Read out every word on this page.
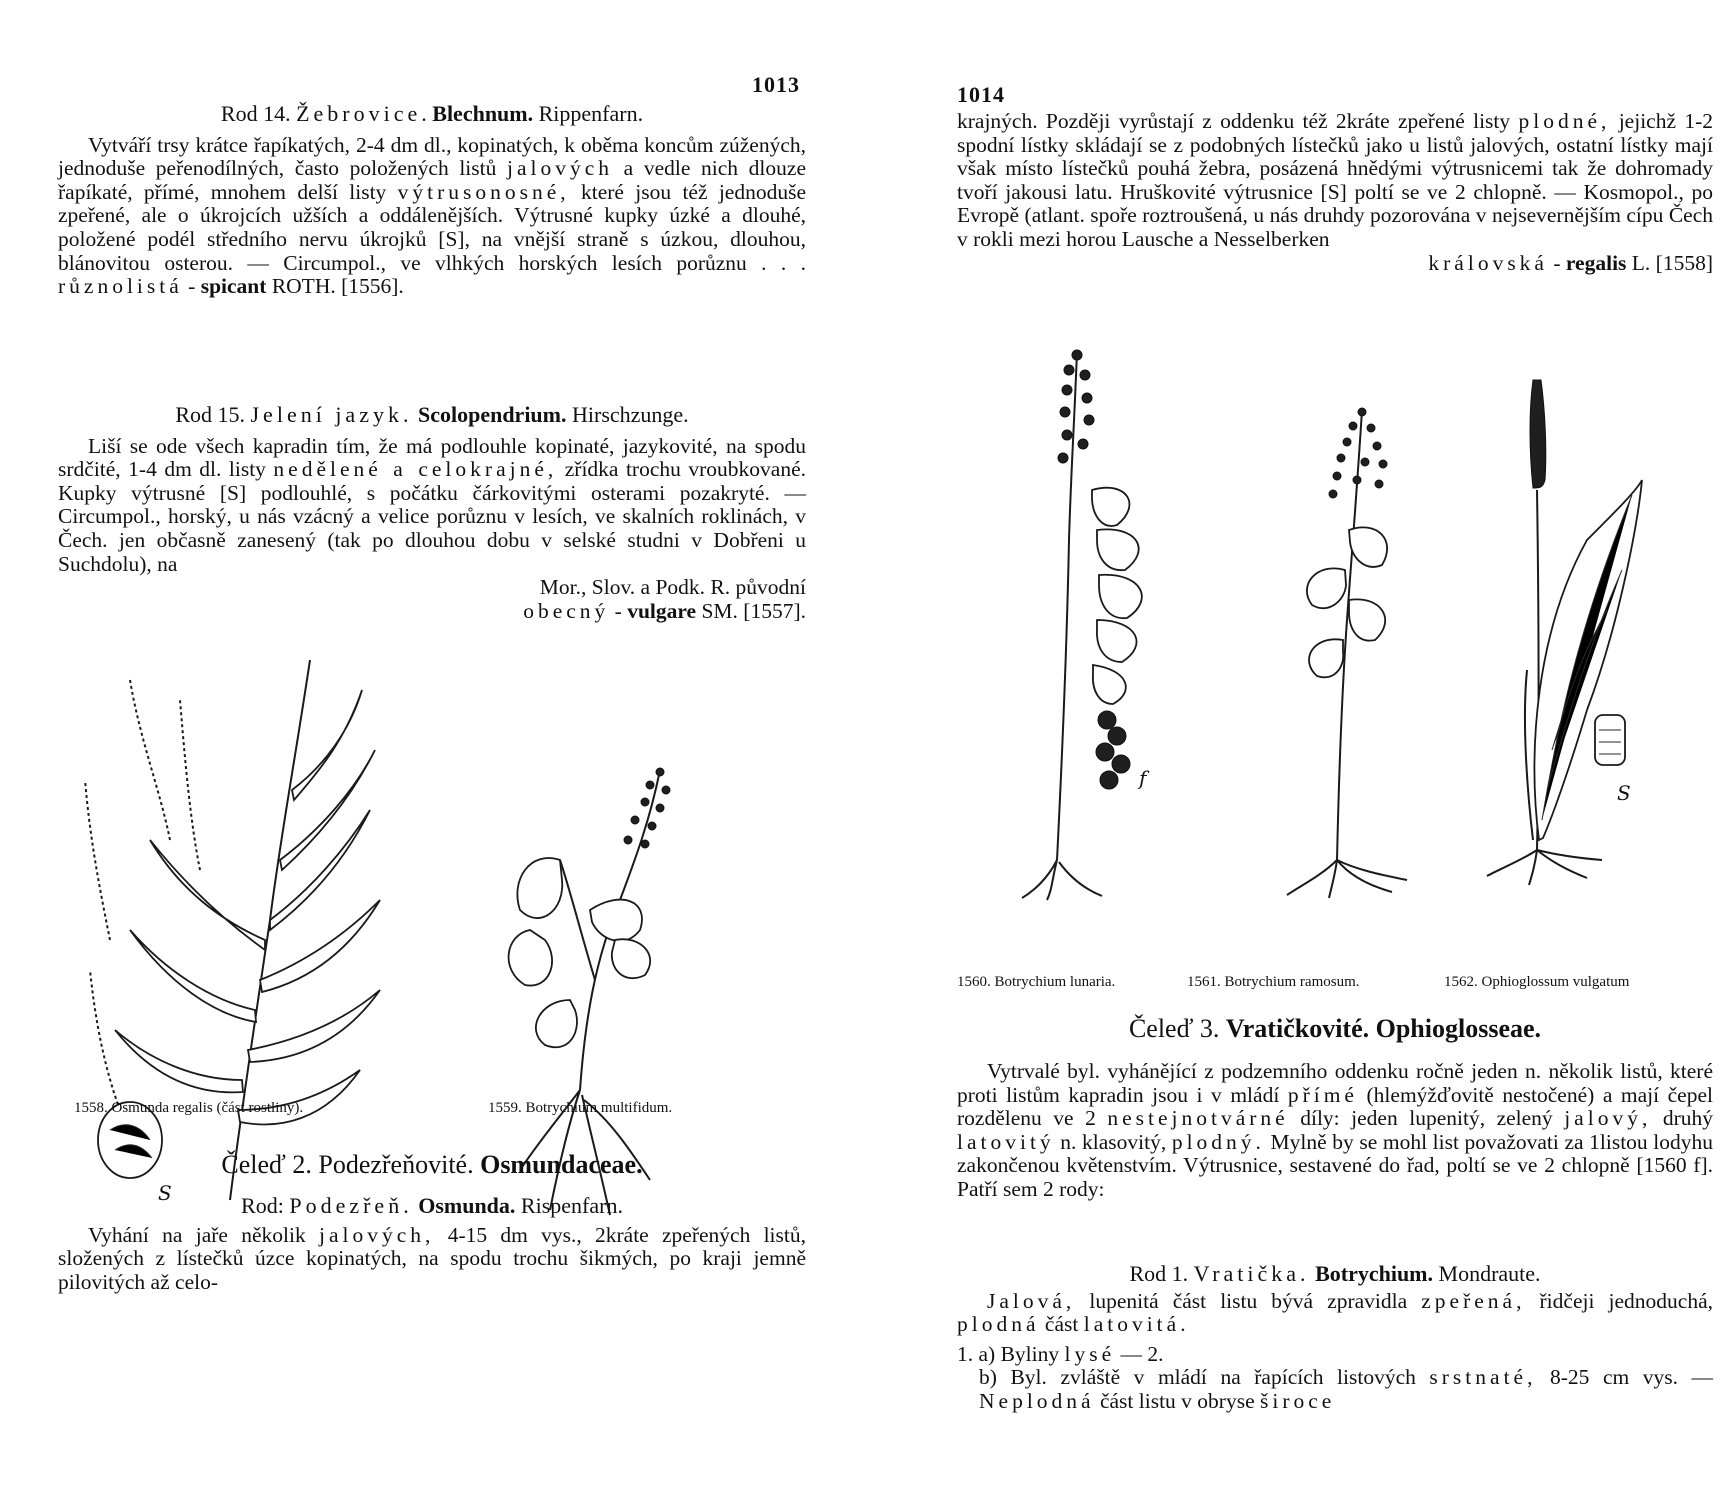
1013

Rod 14. Žebrovice. Blechnum. Rippenfarn.

Vytváří trsy krátce řapíkatých, 2-4 dm dl., kopinatých, k oběma koncům zúžených, jednoduše peřenodílných, často položených listů jalových a vedle nich dlouze řapíkaté, přímé, mnohem delší listy výtrusonosné, které jsou též jednoduše zpeřené, ale o úkrojcích užších a oddálenějších. Výtrusné kupky úzké a dlouhé, položené podél středního nervu úkrojků [S], na vnější straně s úzkou, dlouhou, blánovitou osterou. — Circumpol., ve vlhkých horských lesích porůznu . . . různolistá - spicant ROTH. [1556].

Rod 15. Jelení jazyk. Scolopendrium. Hirschzunge.

Liší se ode všech kapradin tím, že má podlouhle kopinaté, jazykovité, na spodu srdčité, 1-4 dm dl. listy nedělené a celokrajné, zřídka trochu vroubkované. Kupky výtrusné [S] podlouhlé, s počátku čárkovitými osterami pozakryté. — Circumpol., horský, u nás vzácný a velice porůznu v lesích, ve skalních roklinách, v Čech. jen občasně zanesený (tak po dlouhou dobu v selské studni v Dobřeni u Suchdolu), na

Mor., Slov. a Podk. R. původní

obecný - vulgare SM. [1557].

S
1558. Osmunda regalis (část rostliny).	1559. Botrychium multifidum.
Čeleď 2. Podezřeňovité. Osmundaceae.

Rod: Podezřeň. Osmunda. Rispenfarn.

Vyhání na jaře několik jalových, 4-15 dm vys., 2kráte zpeřených listů, složených z lístečků úzce kopinatých, na spodu trochu šikmých, po kraji jemně pilovitých až celo-

1014

krajných. Později vyrůstají z oddenku též 2kráte zpeřené listy plodné, jejichž 1-2 spodní lístky skládají se z podobných lístečků jako u listů jalových, ostatní lístky mají však místo lístečků pouhá žebra, posázená hnědými výtrusnicemi tak že dohromady tvoří jakousi latu. Hruškovité výtrusnice [S] poltí se ve 2 chlopně. — Kosmopol., po Evropě (atlant. spoře roztroušená, u nás druhdy pozorována v nejsevernějším cípu Čech v rokli mezi horou Lausche a Nesselberken

královská - regalis L. [1558]

f
S
1560. Botrychium lunaria.	1561. Botrychium ramosum.	1562. Ophioglossum vulgatum
Čeleď 3. Vratičkovité. Ophioglosseae.

Vytrvalé byl. vyhánějící z podzemního oddenku ročně jeden n. několik listů, které proti listům kapradin jsou i v mládí přímé (hlemýžďovitě nestočené) a mají čepel rozdělenu ve 2 nestejnotvárné díly: jeden lupenitý, zelený jalový, druhý latovitý n. klasovitý, plodný. Mylně by se mohl list považovati za 1listou lodyhu zakončenou květenstvím. Výtrusnice, sestavené do řad, poltí se ve 2 chlopně [1560 f]. Patří sem 2 rody:

Rod 1. Vratička. Botrychium. Mondraute.

Jalová, lupenitá část listu bývá zpravidla zpeřená, řidčeji jednoduchá, plodná část latovitá.

1. a) Byliny lysé — 2.

b) Byl. zvláště v mládí na řapících listových srstnaté, 8-25 cm vys. — Neplodná část listu v obryse široce
